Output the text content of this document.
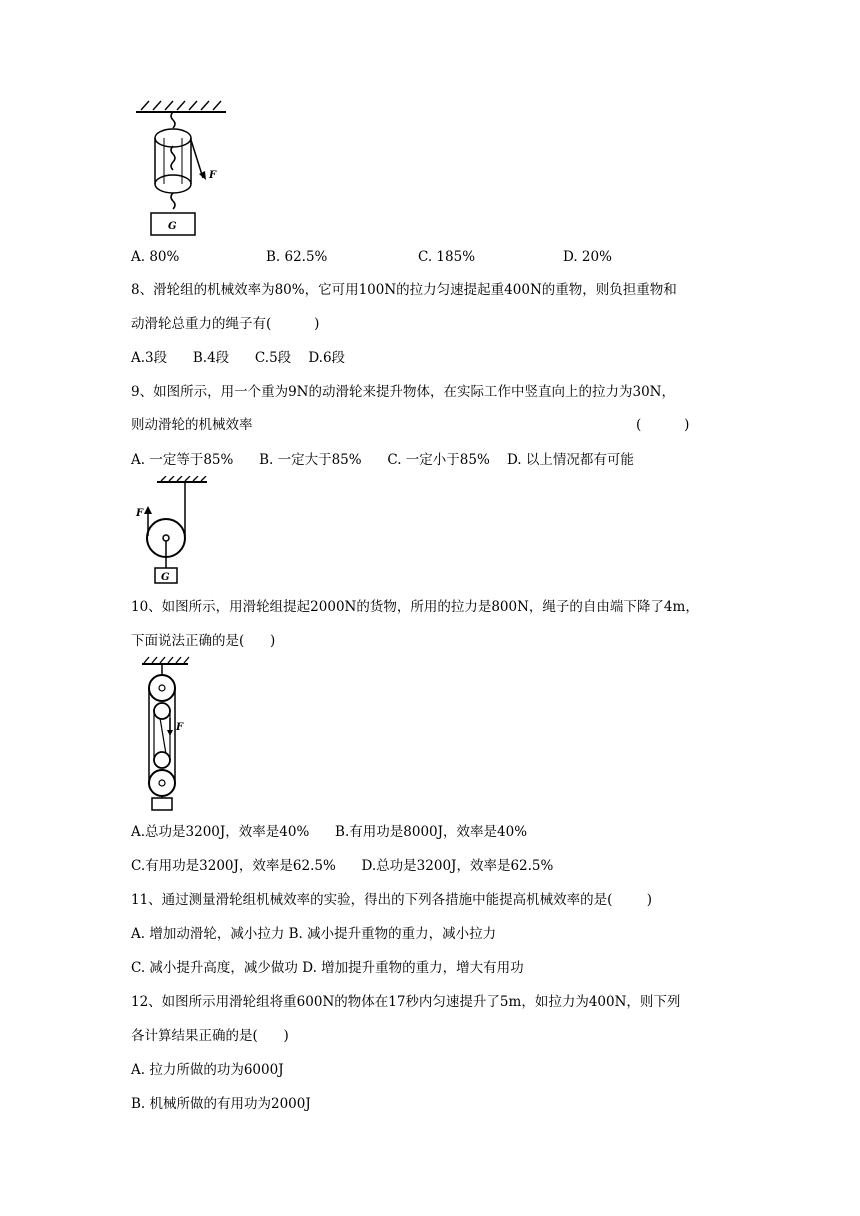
F
G
A. 80%	B. 62.5%	C. 185%	D. 20%
8、滑轮组的机械效率为80%，它可用100N的拉力匀速提起重400N的重物，则负担重物和
动滑轮总重力的绳子有(          )
A.3段      B.4段      C.5段    D.6段
9、如图所示，用一个重为9N的动滑轮来提升物体，在实际工作中竖直向上的拉力为30N，
则动滑轮的机械效率	(          )
A. 一定等于85%      B. 一定大于85%      C. 一定小于85%    D. 以上情况都有可能
F
G
10、如图所示，用滑轮组提起2000N的货物，所用的拉力是800N，绳子的自由端下降了4m，
下面说法正确的是(      )
F
A.总功是3200J，效率是40%      B.有用功是8000J，效率是40%
C.有用功是3200J，效率是62.5%      D.总功是3200J，效率是62.5%
11、通过测量滑轮组机械效率的实验，得出的下列各措施中能提高机械效率的是(        )
A. 增加动滑轮，减小拉力 B. 减小提升重物的重力，减小拉力
C. 减小提升高度，减少做功 D. 增加提升重物的重力，增大有用功
12、如图所示用滑轮组将重600N的物体在17秒内匀速提升了5m，如拉力为400N，则下列
各计算结果正确的是(      )
A. 拉力所做的功为6000J
B. 机械所做的有用功为2000J
